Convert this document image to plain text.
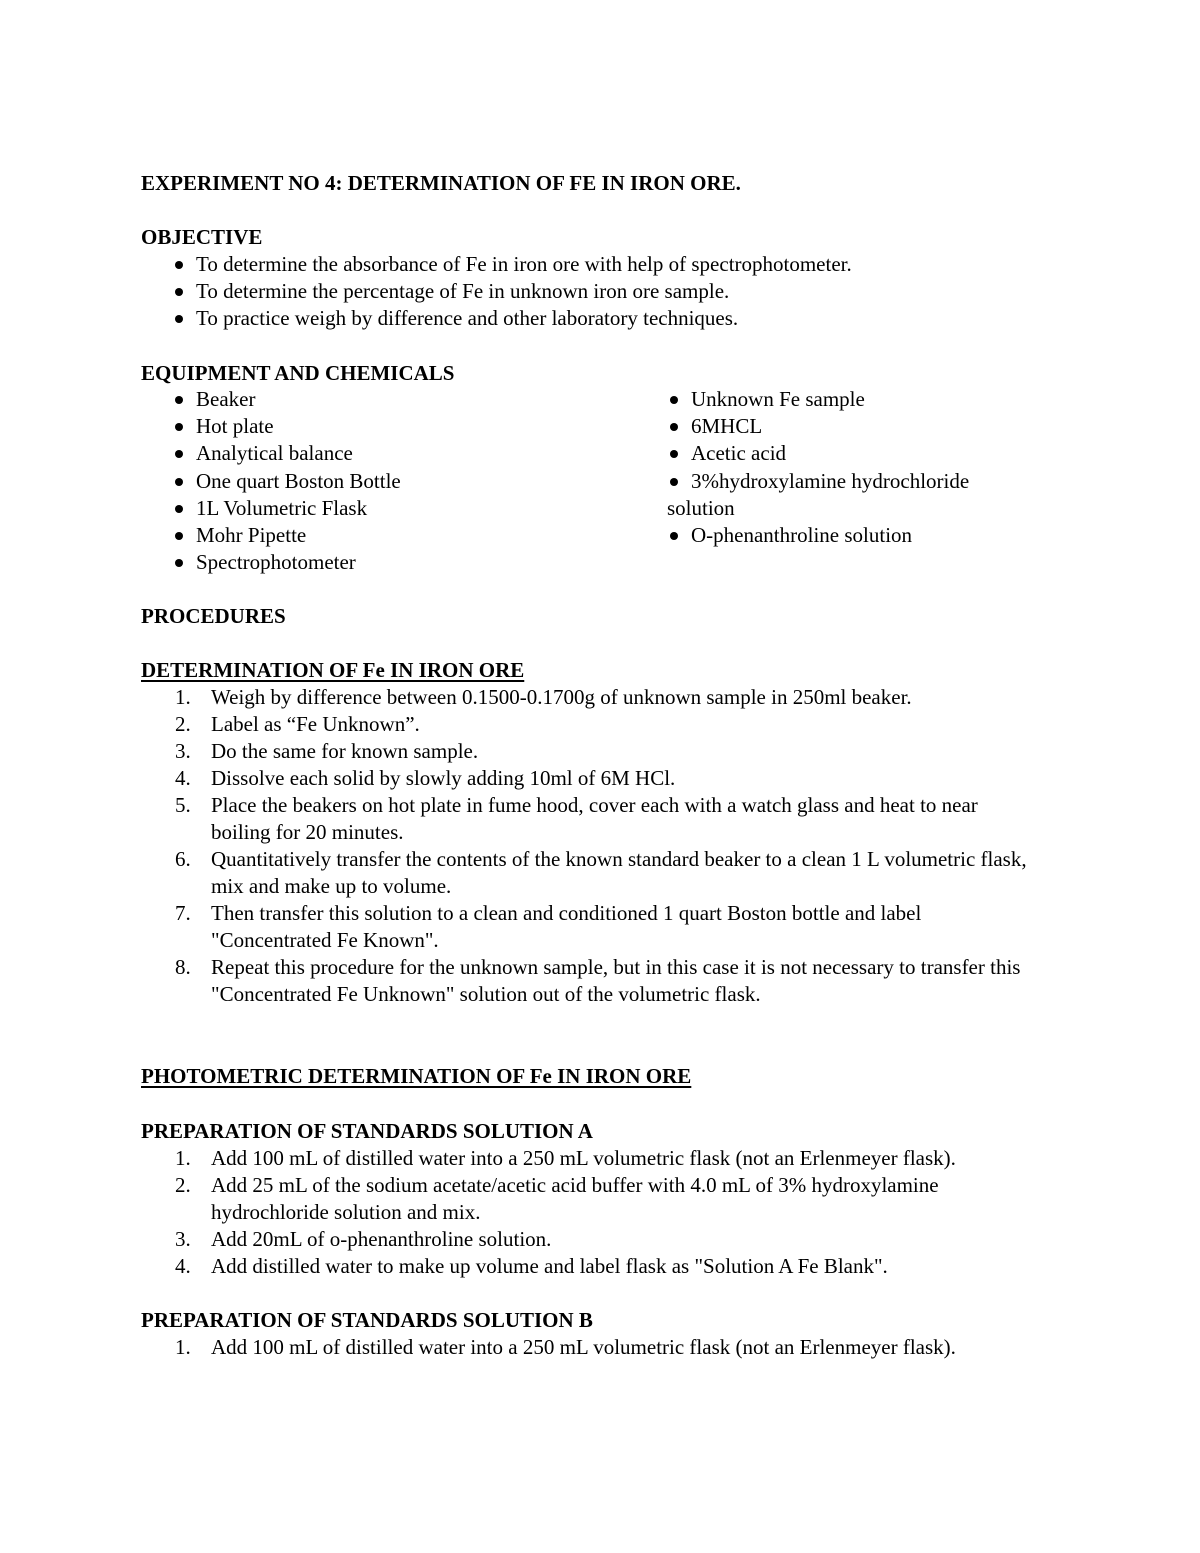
EXPERIMENT NO 4: DETERMINATION OF FE IN IRON ORE.
OBJECTIVE
To determine the absorbance of Fe in iron ore with help of spectrophotometer.
To determine the percentage of Fe in unknown iron ore sample.
To practice weigh by difference and other laboratory techniques.
EQUIPMENT AND CHEMICALS
Beaker
Hot plate
Analytical balance
One quart Boston Bottle
1L Volumetric Flask
Mohr Pipette
Spectrophotometer
Unknown Fe sample
6MHCL
Acetic acid
3%hydroxylamine hydrochloride solution
O-phenanthroline solution
PROCEDURES
DETERMINATION OF Fe IN IRON ORE
1. Weigh by difference between 0.1500-0.1700g of unknown sample in 250ml beaker.
2. Label as “Fe Unknown”.
3. Do the same for known sample.
4. Dissolve each solid by slowly adding 10ml of 6M HCl.
5. Place the beakers on hot plate in fume hood, cover each with a watch glass and heat to near boiling for 20 minutes.
6. Quantitatively transfer the contents of the known standard beaker to a clean 1 L volumetric flask, mix and make up to volume.
7. Then transfer this solution to a clean and conditioned 1 quart Boston bottle and label "Concentrated Fe Known".
8. Repeat this procedure for the unknown sample, but in this case it is not necessary to transfer this "Concentrated Fe Unknown" solution out of the volumetric flask.
PHOTOMETRIC DETERMINATION OF Fe IN IRON ORE
PREPARATION OF STANDARDS SOLUTION A
1. Add 100 mL of distilled water into a 250 mL volumetric flask (not an Erlenmeyer flask).
2. Add 25 mL of the sodium acetate/acetic acid buffer with 4.0 mL of 3% hydroxylamine hydrochloride solution and mix.
3. Add 20mL of o-phenanthroline solution.
4. Add distilled water to make up volume and label flask as "Solution A Fe Blank".
PREPARATION OF STANDARDS SOLUTION B
1. Add 100 mL of distilled water into a 250 mL volumetric flask (not an Erlenmeyer flask).
